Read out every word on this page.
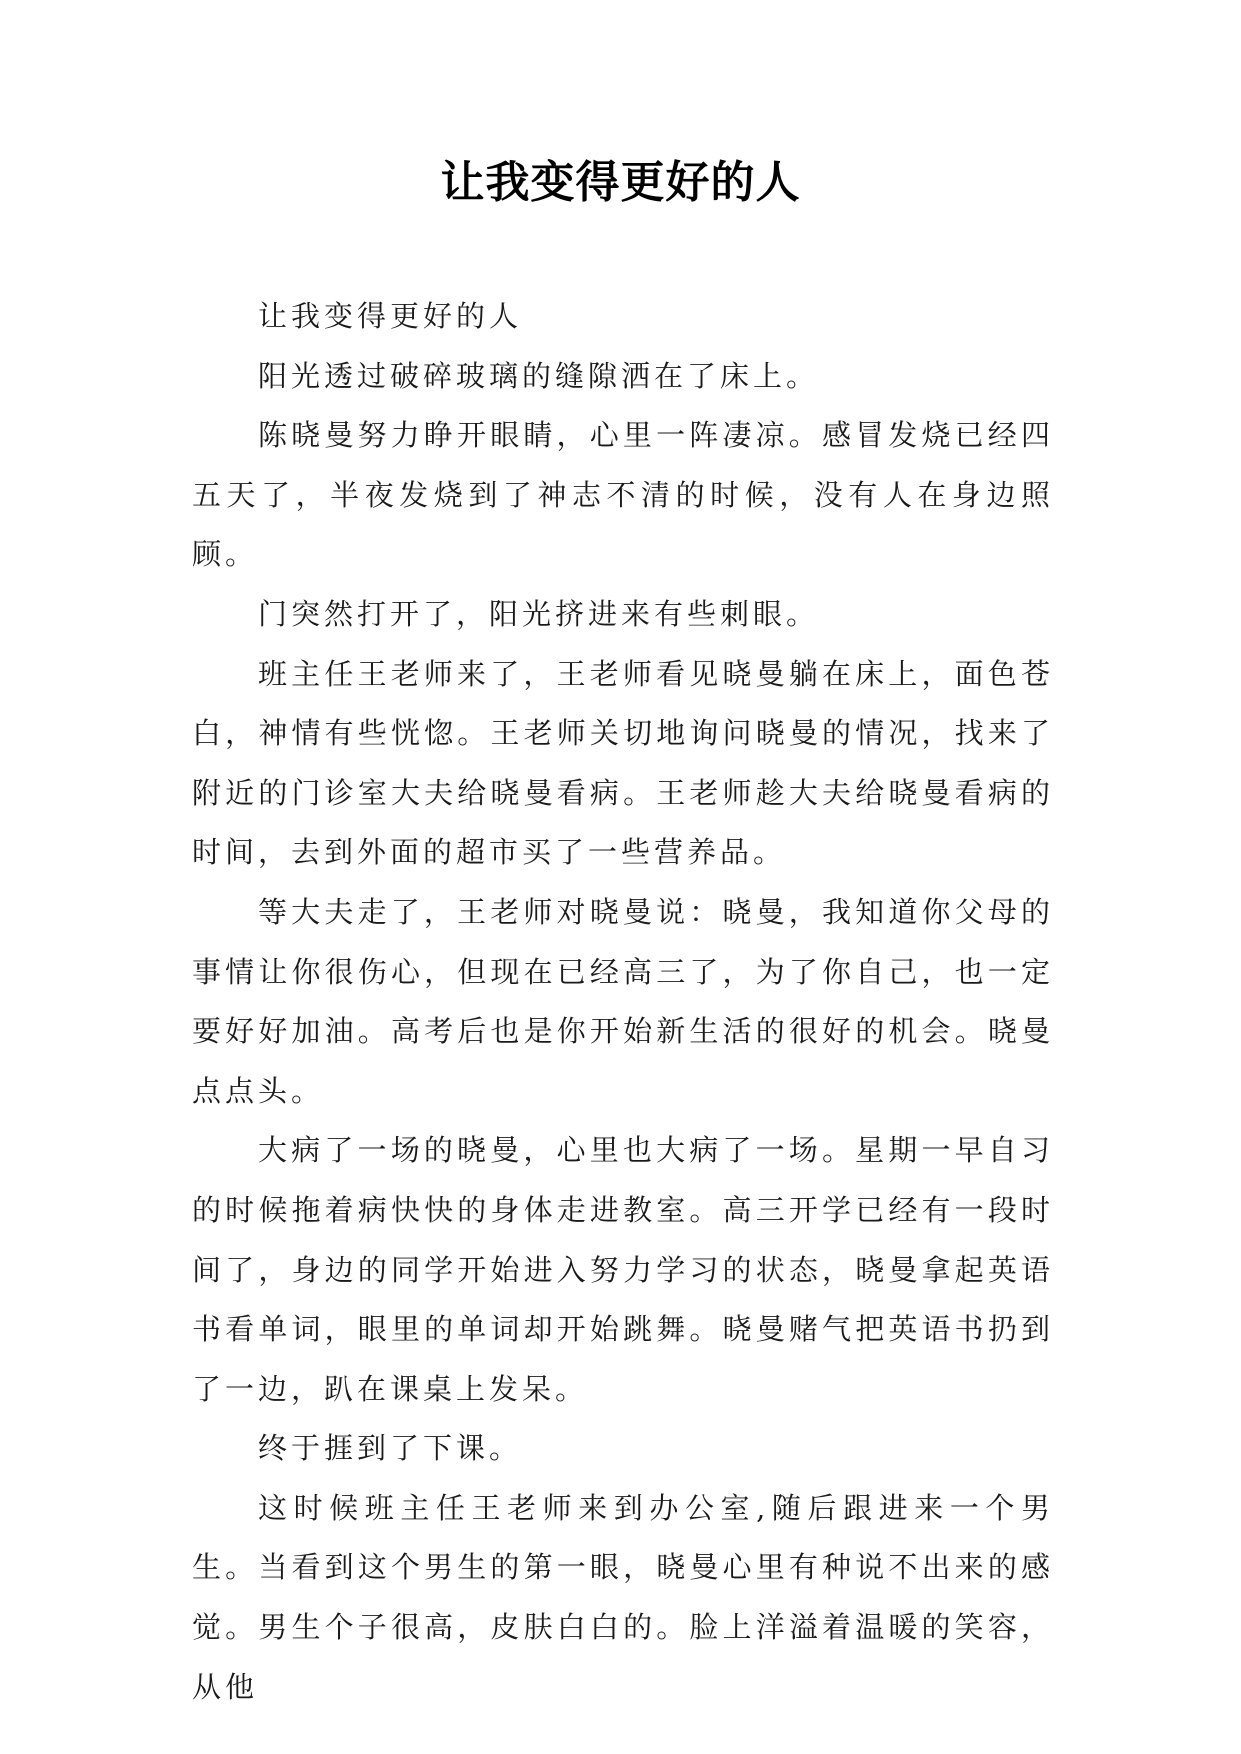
让我变得更好的人

让我变得更好的人

阳光透过破碎玻璃的缝隙洒在了床上。

陈晓曼努力睁开眼睛，心里一阵凄凉。感冒发烧已经四五天了，半夜发烧到了神志不清的时候，没有人在身边照顾。

门突然打开了，阳光挤进来有些刺眼。

班主任王老师来了，王老师看见晓曼躺在床上，面色苍白，神情有些恍惚。王老师关切地询问晓曼的情况，找来了附近的门诊室大夫给晓曼看病。王老师趁大夫给晓曼看病的时间，去到外面的超市买了一些营养品。

等大夫走了，王老师对晓曼说：晓曼，我知道你父母的事情让你很伤心，但现在已经高三了，为了你自己，也一定要好好加油。高考后也是你开始新生活的很好的机会。晓曼点点头。

大病了一场的晓曼，心里也大病了一场。星期一早自习的时候拖着病快快的身体走进教室。高三开学已经有一段时间了，身边的同学开始进入努力学习的状态，晓曼拿起英语书看单词，眼里的单词却开始跳舞。晓曼赌气把英语书扔到了一边，趴在课桌上发呆。

终于捱到了下课。

这时候班主任王老师来到办公室,随后跟进来一个男生。当看到这个男生的第一眼，晓曼心里有种说不出来的感觉。男生个子很高，皮肤白白的。脸上洋溢着温暖的笑容，从他
